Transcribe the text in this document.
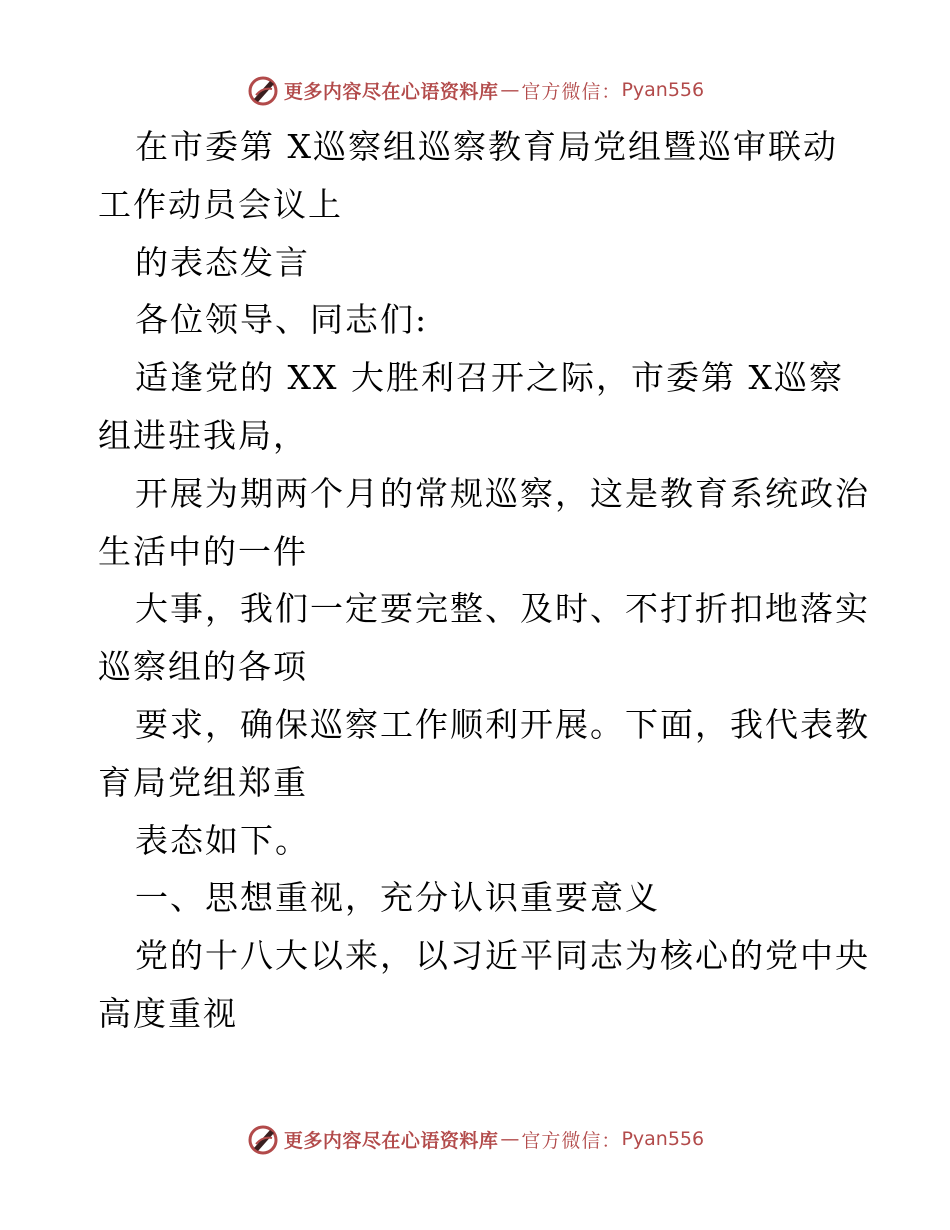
更多内容尽在心语资料库 — 官方微信： Pyan556
在市委第 X巡察组巡察教育局党组暨巡审联动
工作动员会议上
的表态发言
各位领导、同志们:
适逢党的 XX 大胜利召开之际，市委第 X巡察
组进驻我局，
开展为期两个月的常规巡察，这是教育系统政治
生活中的一件
大事，我们一定要完整、及时、不打折扣地落实
巡察组的各项
要求，确保巡察工作顺利开展。下面，我代表教
育局党组郑重
表态如下。
一、思想重视，充分认识重要意义
党的十八大以来，以习近平同志为核心的党中央
高度重视
更多内容尽在心语资料库 — 官方微信： Pyan556
